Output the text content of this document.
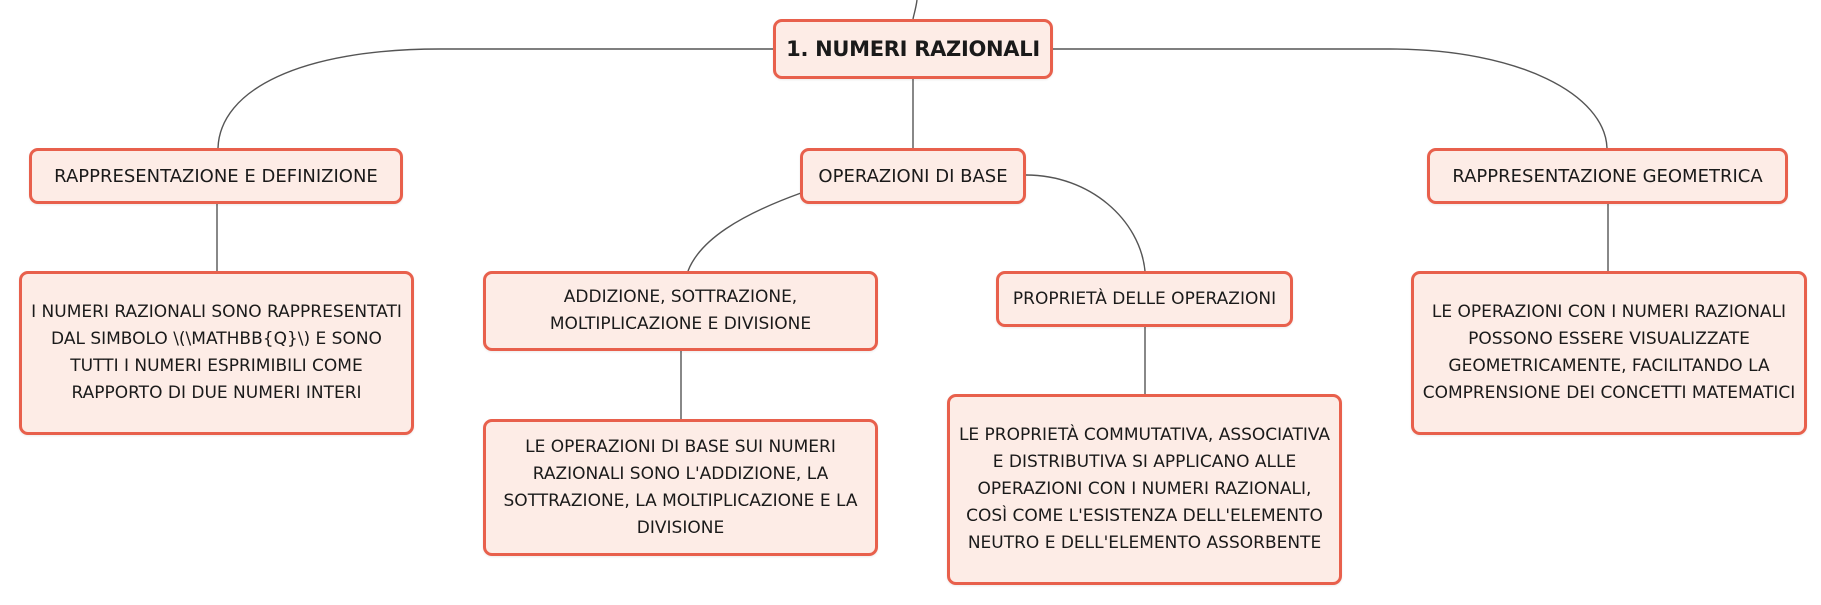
1. NUMERI RAZIONALI
RAPPRESENTAZIONE E DEFINIZIONE	OPERAZIONI DI BASE	RAPPRESENTAZIONE GEOMETRICA
I NUMERI RAZIONALI SONO RAPPRESENTATI DAL SIMBOLO \(\MATHBB{Q}\) E SONO TUTTI I NUMERI ESPRIMIBILI COME RAPPORTO DI DUE NUMERI INTERI
ADDIZIONE, SOTTRAZIONE, MOLTIPLICAZIONE E DIVISIONE
PROPRIETÀ DELLE OPERAZIONI
LE OPERAZIONI CON I NUMERI RAZIONALI POSSONO ESSERE VISUALIZZATE GEOMETRICAMENTE, FACILITANDO LA COMPRENSIONE DEI CONCETTI MATEMATICI
LE OPERAZIONI DI BASE SUI NUMERI RAZIONALI SONO L'ADDIZIONE, LA SOTTRAZIONE, LA MOLTIPLICAZIONE E LA DIVISIONE
LE PROPRIETÀ COMMUTATIVA, ASSOCIATIVA E DISTRIBUTIVA SI APPLICANO ALLE OPERAZIONI CON I NUMERI RAZIONALI, COSÌ COME L'ESISTENZA DELL'ELEMENTO NEUTRO E DELL'ELEMENTO ASSORBENTE
